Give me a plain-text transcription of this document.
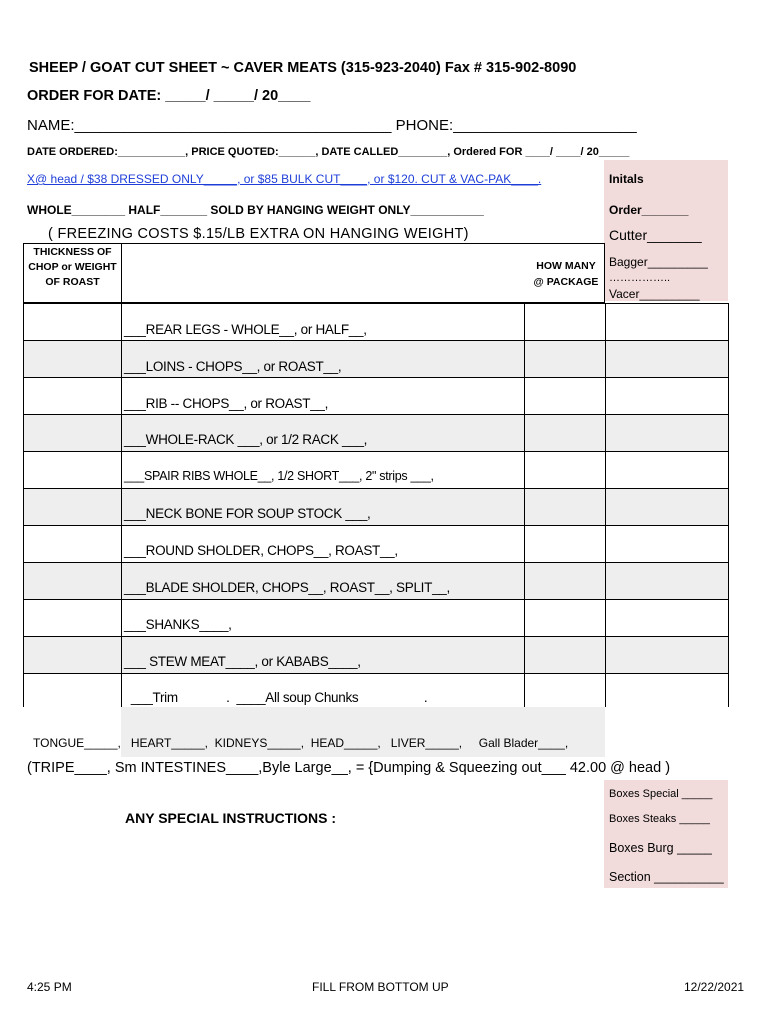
SHEEP / GOAT CUT SHEET ~ CAVER MEATS (315-923-2040) Fax # 315-902-8090
ORDER FOR DATE: _____/ _____/ 20____
NAME:______________________________________ PHONE:______________________
DATE ORDERED:___________, PRICE QUOTED:______, DATE CALLED________, Ordered FOR ____/ ____/ 20_____
X@ head / $38 DRESSED ONLY_____, or $85 BULK CUT____, or $120. CUT & VAC-PAK____.
WHOLE________ HALF_______ SOLD BY HANGING WEIGHT ONLY___________
( FREEZING COSTS $.15/LB EXTRA ON HANGING WEIGHT)
Initals
Order_______
Cutter_______
Bagger_________
……………..
Vacer_________
THICKNESS OF CHOP or WEIGHT OF ROAST
HOW MANY @ PACKAGE
___REAR LEGS - WHOLE__, or HALF__,
___LOINS - CHOPS__, or ROAST__,
___RIB -- CHOPS__, or ROAST__,
___WHOLE-RACK ___, or 1/2 RACK ___,
___SPAIR RIBS WHOLE__, 1/2 SHORT___, 2" strips ___,
___NECK BONE FOR SOUP STOCK ___,
___ROUND SHOLDER, CHOPS__, ROAST__,
___BLADE SHOLDER, CHOPS__, ROAST__, SPLIT__,
___SHANKS____,
___ STEW MEAT____, or KABABS____,
___Trim              .  ____All soup Chunks                   .
TONGUE_____,   HEART_____,  KIDNEYS_____,  HEAD_____,   LIVER_____,     Gall Blader____,
(TRIPE____, Sm INTESTINES____,Byle Large__, = {Dumping & Squeezing out___ 42.00 @ head )
Boxes Special _____
Boxes Steaks _____
Boxes Burg _____
Section __________
ANY SPECIAL INSTRUCTIONS :
4:25 PM	FILL FROM BOTTOM UP	12/22/2021
